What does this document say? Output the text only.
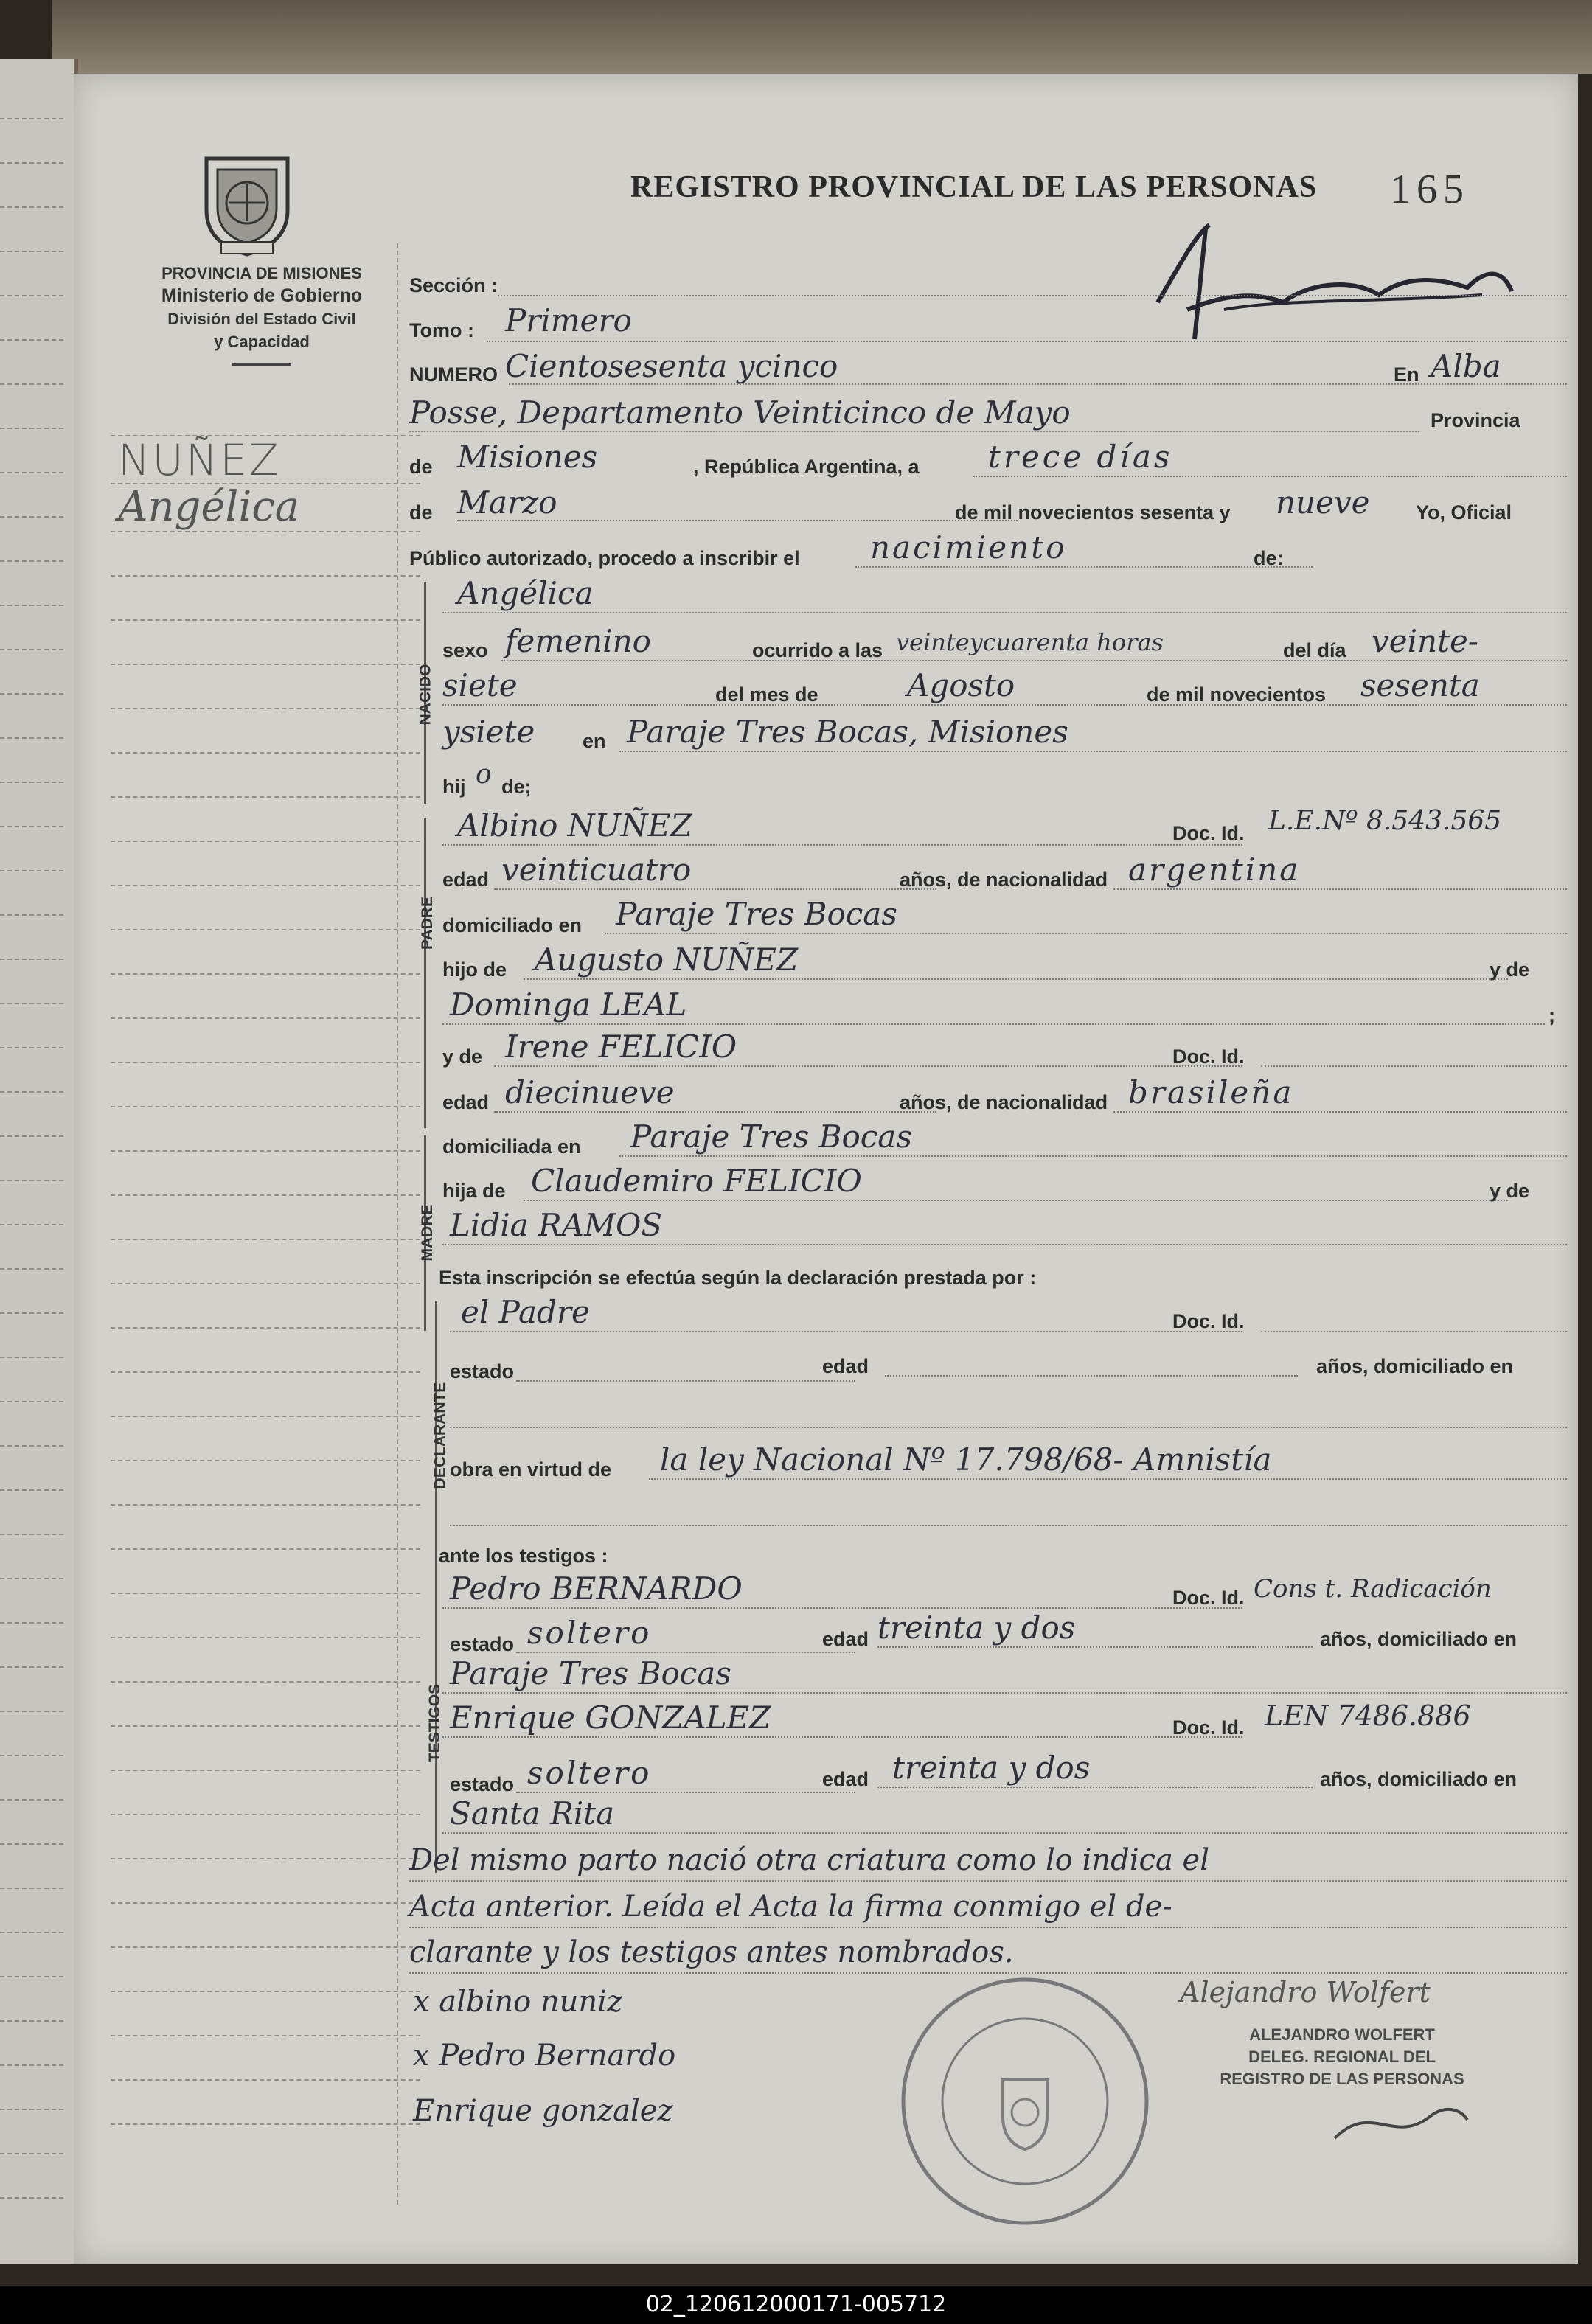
PROVINCIA DE MISIONES
Ministerio de Gobierno
División del Estado Civil
y Capacidad
REGISTRO PROVINCIAL DE LAS PERSONAS 165
NUÑEZ
Angélica
Sección :
Tomo : Primero
NUMERO Cientosesenta ycinco	En Alba
Posse, Departamento Veinticinco de Mayo	Provincia
de Misiones	, República Argentina, a trece días
de Marzo	de mil novecientos sesenta y nueve Yo, Oficial
Público autorizado, procedo a inscribir el nacimiento	de:
NACIDO
Angélica
sexo femenino	ocurrido a las veinteycuarenta horas	del día veinte-
siete	del mes de	Agosto	de mil novecientos sesenta
ysiete en Paraje Tres Bocas, Misiones
hij o de;
PADRE
Albino NUÑEZ	Doc. Id. L.E.Nº 8.543.565
edad veinticuatro	años, de nacionalidad argentina
domiciliado en Paraje Tres Bocas
hijo de Augusto NUÑEZ	y de
Dominga LEAL	;
MADRE
y de Irene FELICIO	Doc. Id.
edad diecinueve	años, de nacionalidad brasileña
domiciliada en Paraje Tres Bocas
hija de Claudemiro FELICIO	y de
Lidia RAMOS
Esta inscripción se efectúa según la declaración prestada por :
DECLARANTE
el Padre	Doc. Id.
estado	edad	años, domiciliado en
obra en virtud de la ley Nacional Nº 17.798/68- Amnistía
ante los testigos :
TESTIGOS
Pedro BERNARDO	Doc. Id. Cons t. Radicación
estado soltero	edad treinta y dos	años, domiciliado en
Paraje Tres Bocas
Enrique GONZALEZ	Doc. Id. LEN 7486.886
estado soltero	edad treinta y dos	años, domiciliado en
Santa Rita
Del mismo parto nació otra criatura como lo indica el
Acta anterior. Leída el Acta la firma conmigo el de-
clarante y los testigos antes nombrados.
x albino nuniz
x Pedro Bernardo
Enrique gonzalez
Alejandro Wolfert
ALEJANDRO WOLFERT
DELEG. REGIONAL DEL
REGISTRO DE LAS PERSONAS
02_120612000171-005712
